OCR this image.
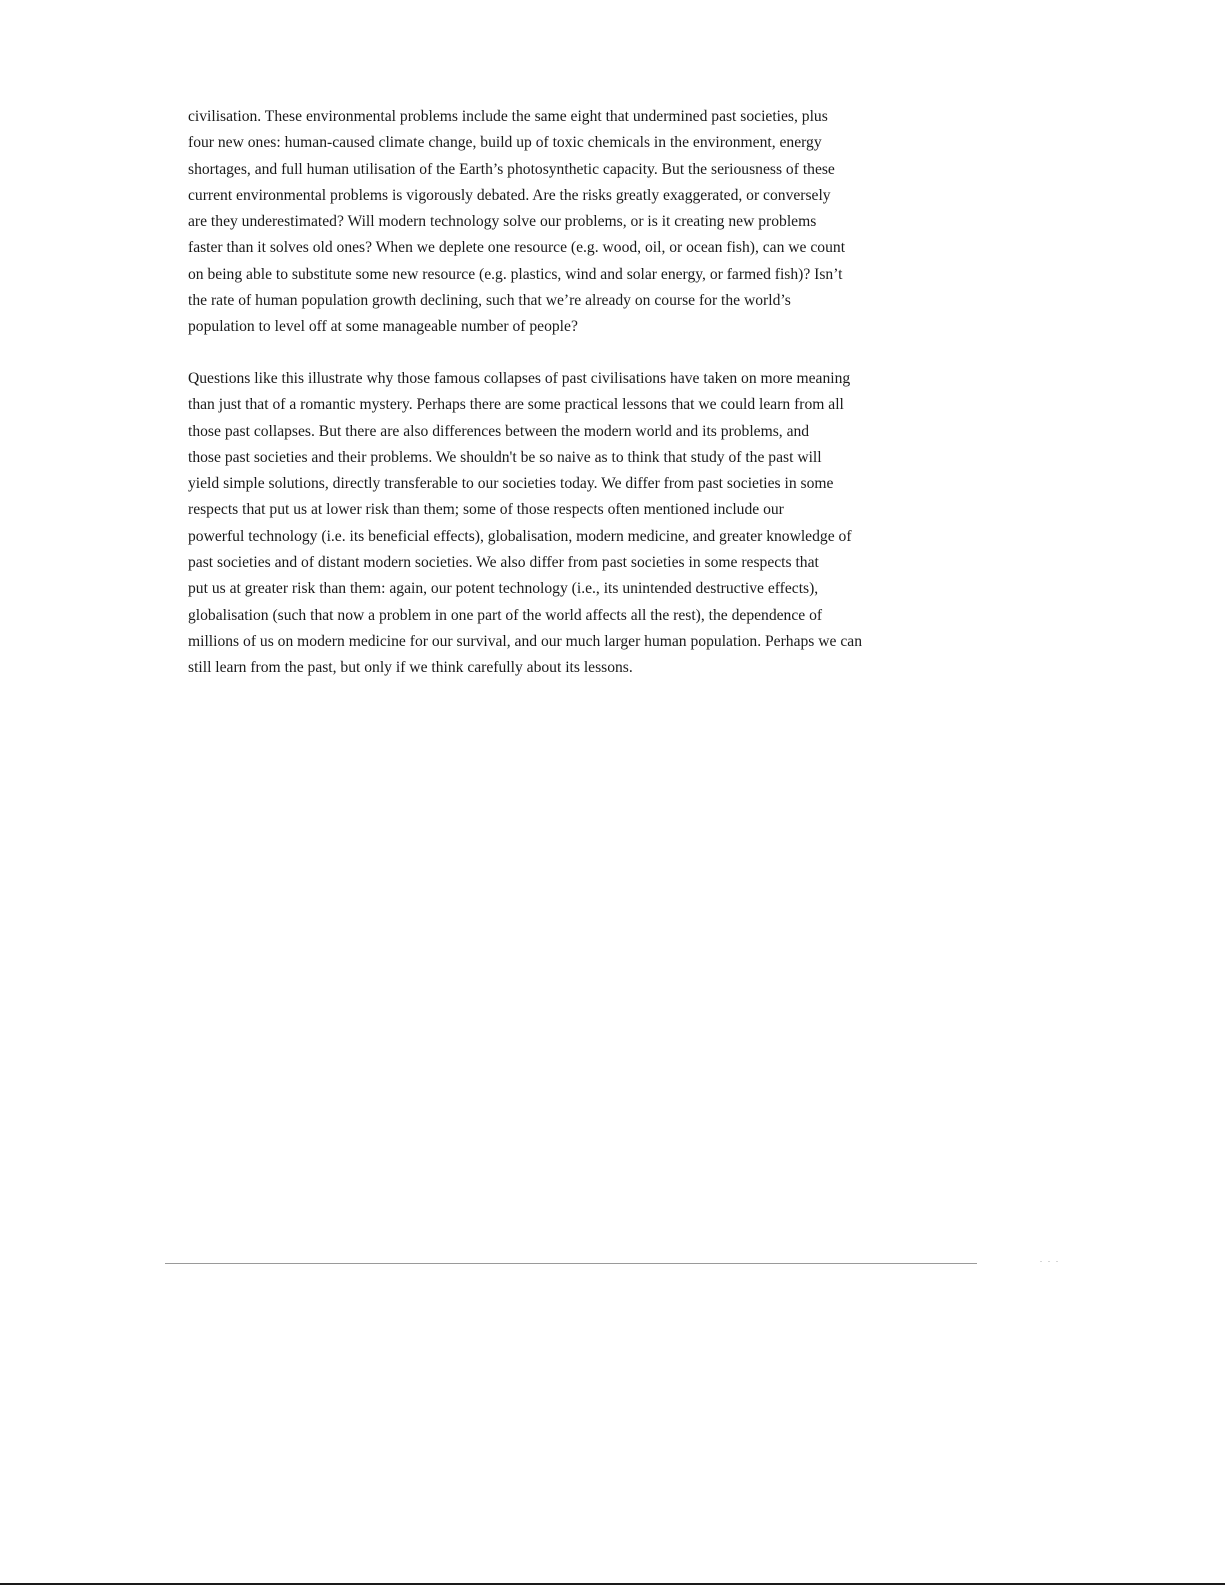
civilisation. These environmental problems include the same eight that undermined past societies, plus
four new ones: human-caused climate change, build up of toxic chemicals in the environment, energy
shortages, and full human utilisation of the Earth’s photosynthetic capacity. But the seriousness of these
current environmental problems is vigorously debated. Are the risks greatly exaggerated, or conversely
are they underestimated? Will modern technology solve our problems, or is it creating new problems
faster than it solves old ones? When we deplete one resource (e.g. wood, oil, or ocean fish), can we count
on being able to substitute some new resource (e.g. plastics, wind and solar energy, or farmed fish)? Isn’t
the rate of human population growth declining, such that we’re already on course for the world’s
population to level off at some manageable number of people?
Questions like this illustrate why those famous collapses of past civilisations have taken on more meaning
than just that of a romantic mystery. Perhaps there are some practical lessons that we could learn from all
those past collapses. But there are also differences between the modern world and its problems, and
those past societies and their problems. We shouldn't be so naive as to think that study of the past will
yield simple solutions, directly transferable to our societies today. We differ from past societies in some
respects that put us at lower risk than them; some of those respects often mentioned include our
powerful technology (i.e. its beneficial effects), globalisation, modern medicine, and greater knowledge of
past societies and of distant modern societies. We also differ from past societies in some respects that
put us at greater risk than them: again, our potent technology (i.e., its unintended destructive effects),
globalisation (such that now a problem in one part of the world affects all the rest), the dependence of
millions of us on modern medicine for our survival, and our much larger human population. Perhaps we can
still learn from the past, but only if we think carefully about its lessons.
